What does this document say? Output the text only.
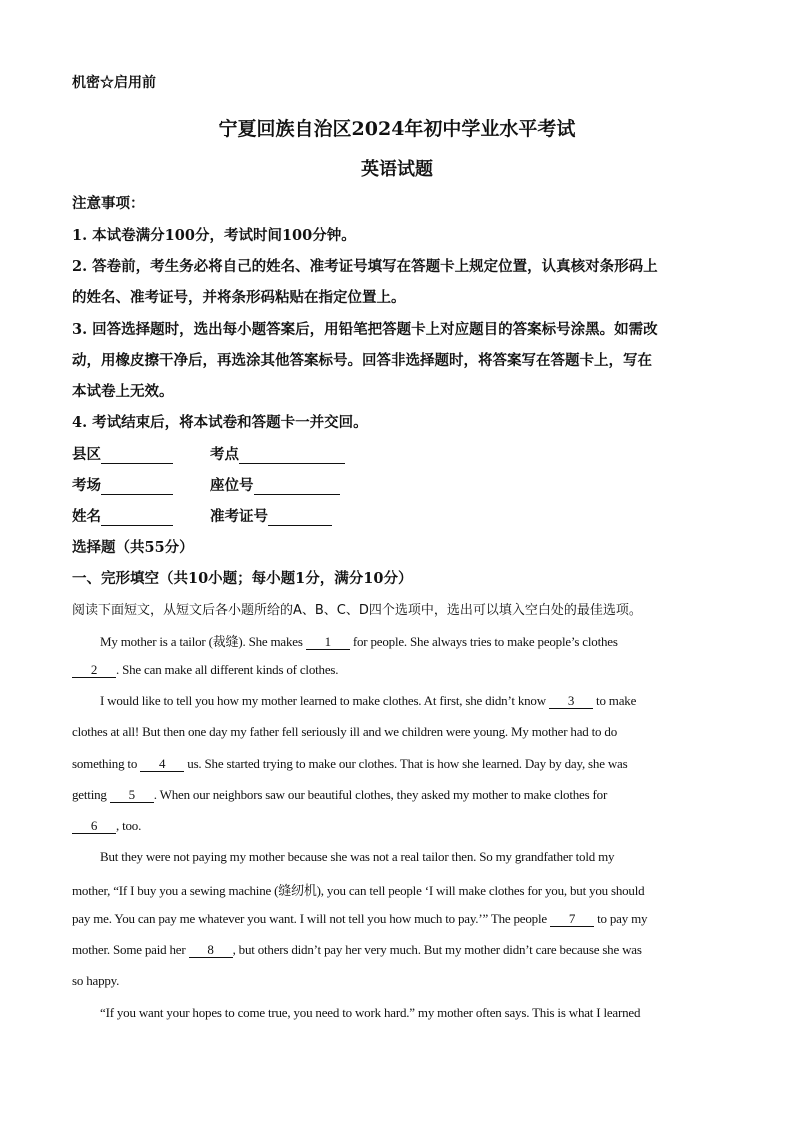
机密☆启用前
宁夏回族自治区2024年初中学业水平考试
英语试题
注意事项：
1. 本试卷满分100分，考试时间100分钟。
2. 答卷前，考生务必将自己的姓名、准考证号填写在答题卡上规定位置，认真核对条形码上
的姓名、准考证号，并将条形码粘贴在指定位置上。
3. 回答选择题时，选出每小题答案后，用铅笔把答题卡上对应题目的答案标号涂黑。如需改
动，用橡皮擦干净后，再选涂其他答案标号。回答非选择题时，将答案写在答题卡上，写在
本试卷上无效。
4. 考试结束后，将本试卷和答题卡一并交回。
县区	考点
考场	座位号
姓名	准考证号
选择题（共55分）
一、完形填空（共10小题；每小题1分，满分10分）
阅读下面短文，从短文后各小题所给的A、B、C、D四个选项中，选出可以填入空白处的最佳选项。
My mother is a tailor (裁缝). She makes 1 for people. She always tries to make people’s clothes
2 . She can make all different kinds of clothes.
I would like to tell you how my mother learned to make clothes. At first, she didn’t know 3 to make
clothes at all! But then one day my father fell seriously ill and we children were young. My mother had to do
something to 4 us. She started trying to make our clothes. That is how she learned. Day by day, she was
getting 5 . When our neighbors saw our beautiful clothes, they asked my mother to make clothes for
6 , too.
But they were not paying my mother because she was not a real tailor then. So my grandfather told my
mother, “If I buy you a sewing machine (缝纫机), you can tell people ‘I will make clothes for you, but you should
pay me. You can pay me whatever you want. I will not tell you how much to pay.’” The people 7 to pay my
mother. Some paid her 8 , but others didn’t pay her very much. But my mother didn’t care because she was
so happy.
“If you want your hopes to come true, you need to work hard.” my mother often says. This is what I learned
